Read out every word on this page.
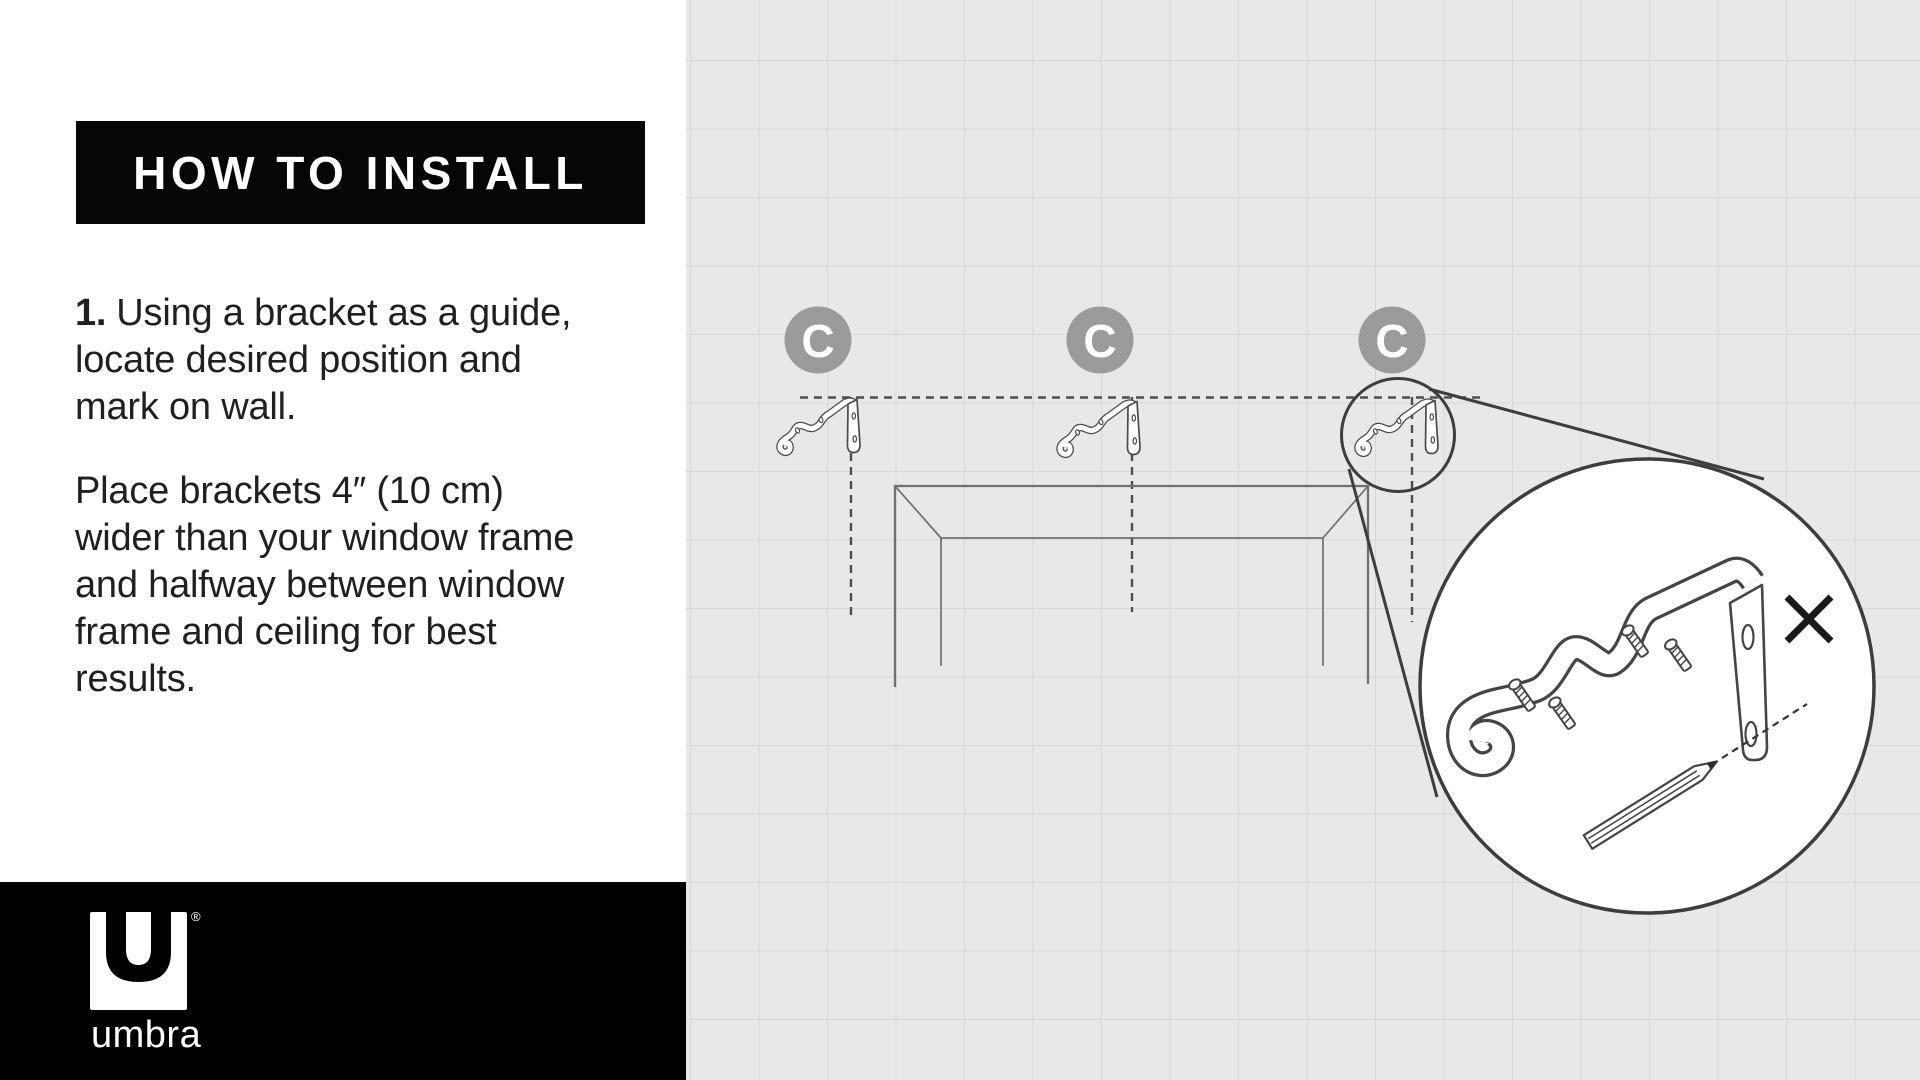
HOW TO INSTALL
1. Using a bracket as a guide,
locate desired position and
mark on wall.
Place brackets 4″ (10 cm)
wider than your window frame
and halfway between window
frame and ceiling for best
results.
®
umbra
C	C	C
